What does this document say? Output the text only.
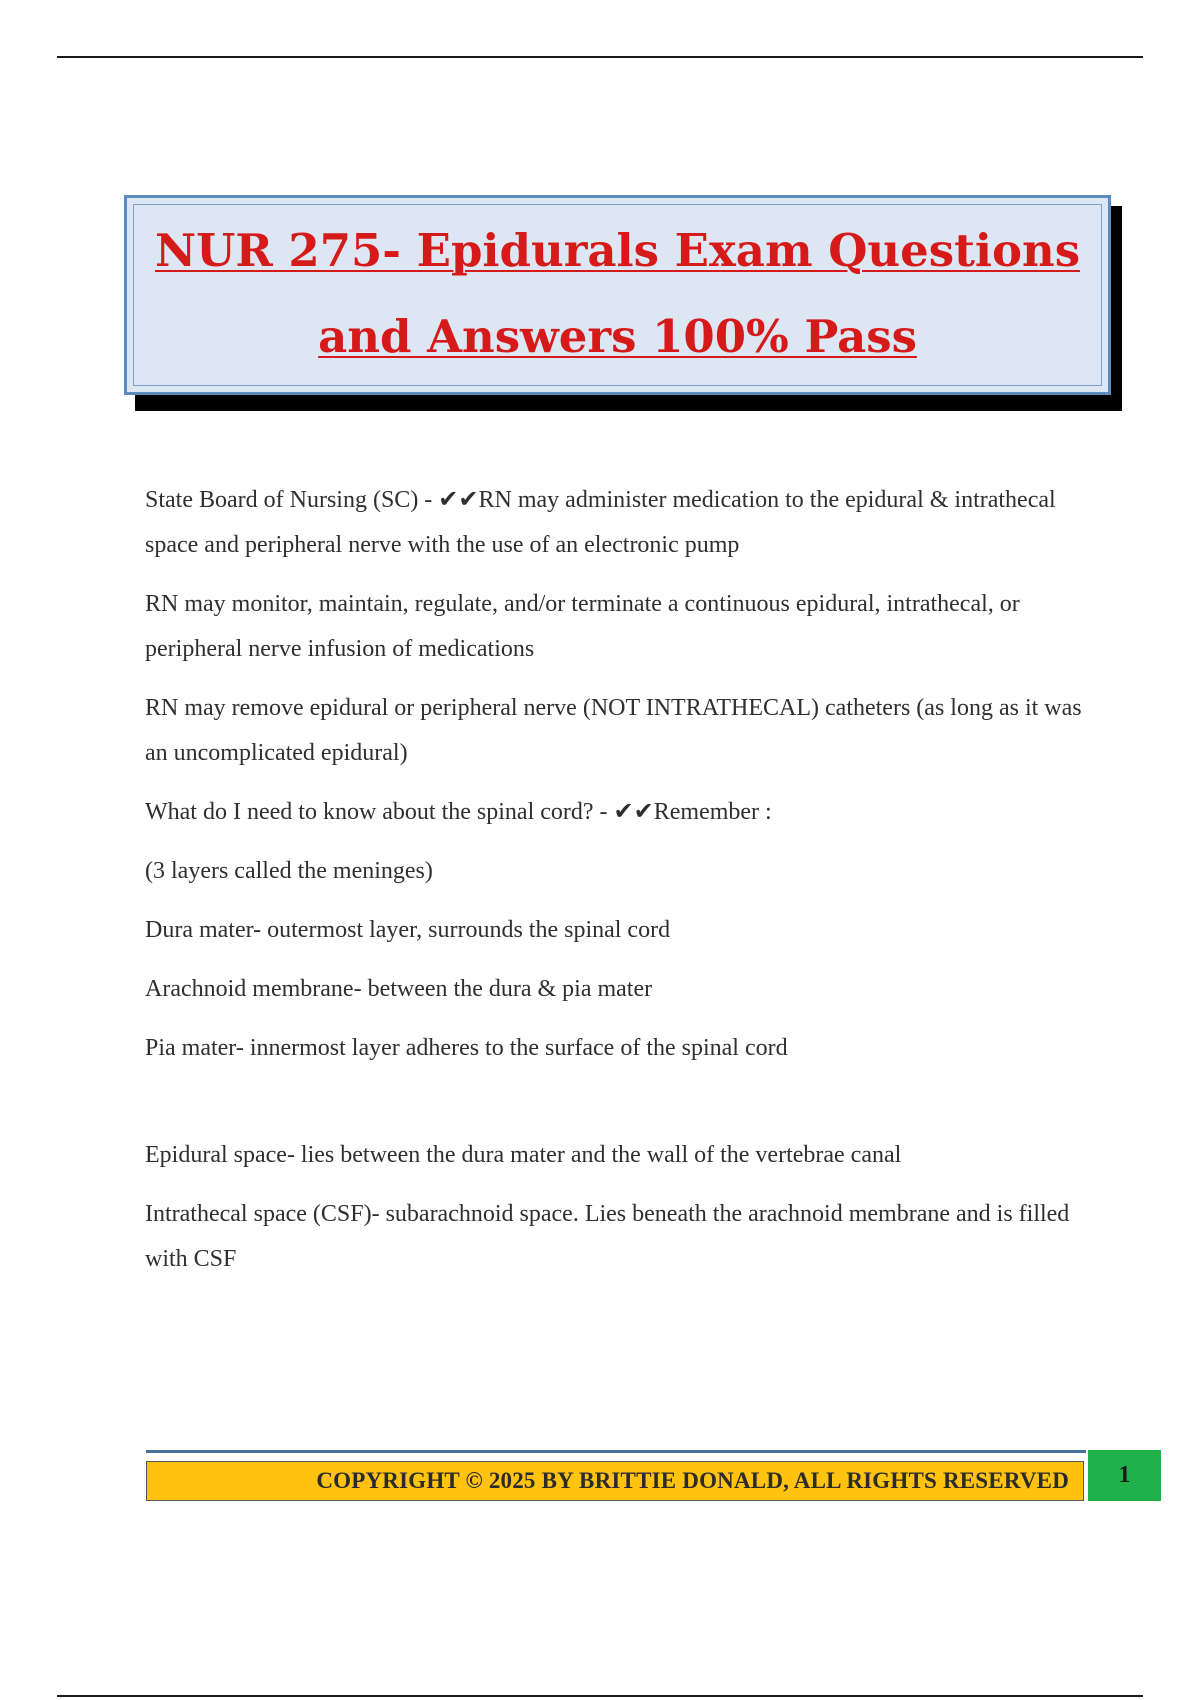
NUR 275- Epidurals Exam Questions and Answers 100% Pass

State Board of Nursing (SC) - ✔✔RN may administer medication to the epidural & intrathecal space and peripheral nerve with the use of an electronic pump

RN may monitor, maintain, regulate, and/or terminate a continuous epidural, intrathecal, or peripheral nerve infusion of medications

RN may remove epidural or peripheral nerve (NOT INTRATHECAL) catheters (as long as it was an uncomplicated epidural)

What do I need to know about the spinal cord? - ✔✔Remember :

(3 layers called the meninges)

Dura mater- outermost layer, surrounds the spinal cord

Arachnoid membrane- between the dura & pia mater

Pia mater- innermost layer adheres to the surface of the spinal cord

Epidural space- lies between the dura mater and the wall of the vertebrae canal

Intrathecal space (CSF)- subarachnoid space. Lies beneath the arachnoid membrane and is filled with CSF

COPYRIGHT © 2025 BY BRITTIE DONALD, ALL RIGHTS RESERVED	1
